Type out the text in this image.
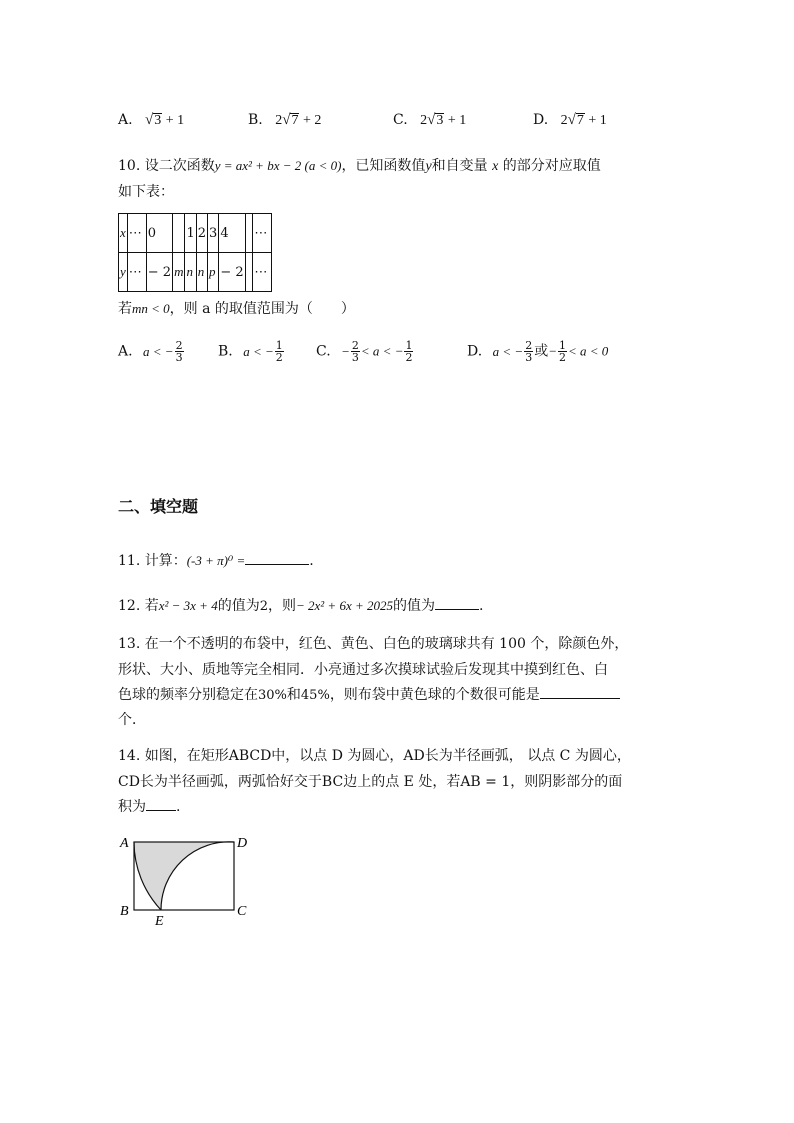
A. √3 + 1	B. 2√7 + 2	C. 2√3 + 1	D. 2√7 + 1
10. 设二次函数y = ax² + bx − 2 (a < 0)，已知函数值y和自变量 x 的部分对应取值
如下表：
x	⋯	0		1	2	3	4		⋯
y	⋯	− 2	m	n	n	p	− 2		⋯
若mn < 0，则 a 的取值范围为（　　）
A. a < − $\frac{2}{3} B$. a < − $\frac{1}{2} C$. − $\frac{2}{3} < a$ < − $\frac{1}{2}$	D. a < − $\frac{2}{3}$ 或− $\frac{1}{2} < a < 0$
二、填空题
11. 计算：(-3 + π)⁰ =	.
12. 若x² − 3x + 4的值为2，则− 2x² + 6x + 2025的值为	.
13. 在一个不透明的布袋中，红色、黄色、白色的玻璃球共有 100 个，除颜色外，
形状、大小、质地等完全相同．小亮通过多次摸球试验后发现其中摸到红色、白
色球的频率分别稳定在30%和45%，则布袋中黄色球的个数很可能是
个．
14. 如图，在矩形ABCD中，以点 D 为圆心，AD长为半径画弧， 以点 C 为圆心，
CD长为半径画弧，两弧恰好交于BC边上的点 E 处，若AB = 1，则阴影部分的面
积为 .
A	D
B	C
E
